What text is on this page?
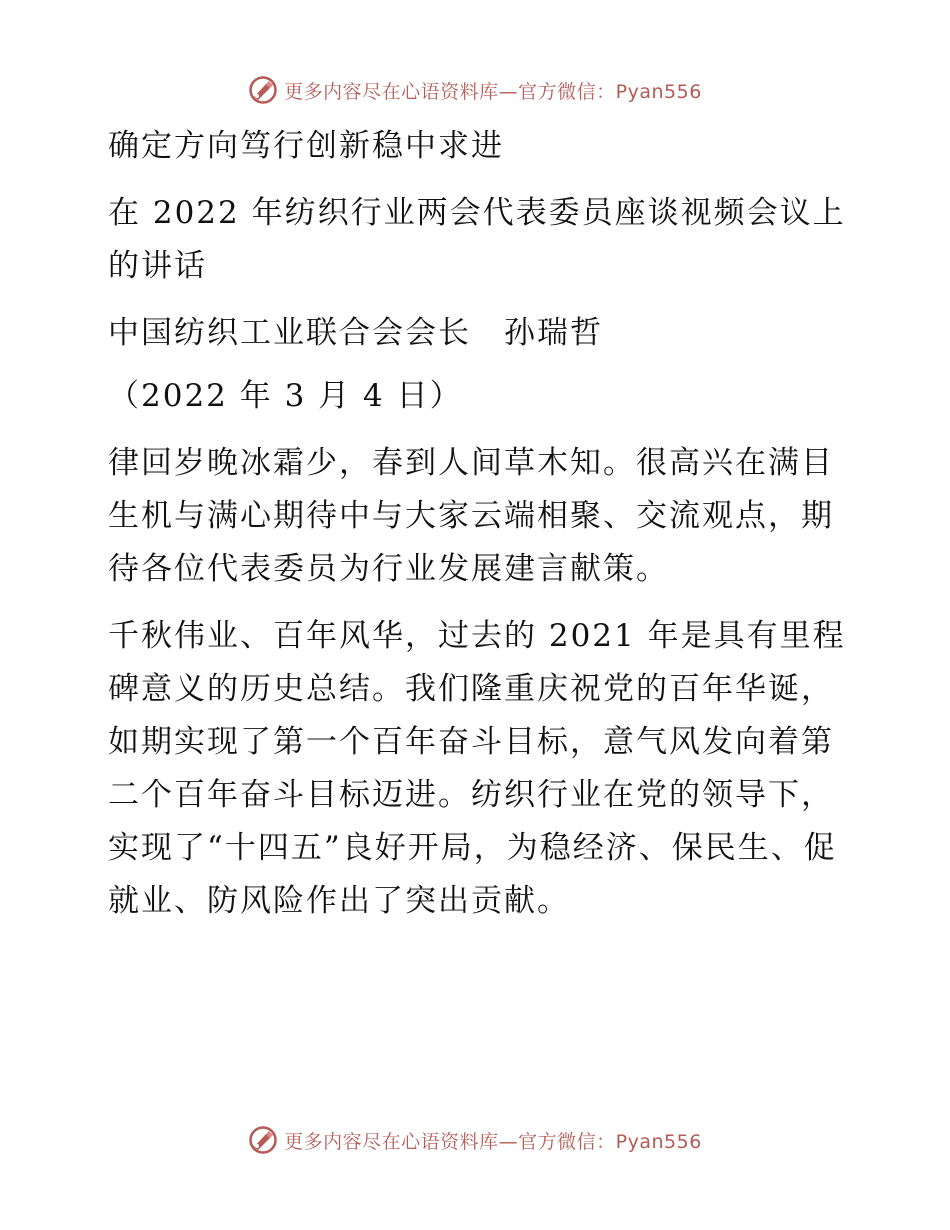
更多内容尽在心语资料库—官方微信：Pyan556

确定方向笃行创新稳中求进

在 2022 年纺织行业两会代表委员座谈视频会议上的讲话

中国纺织工业联合会会长　孙瑞哲

（2022 年 3 月 4 日）

律回岁晚冰霜少，春到人间草木知。很高兴在满目生机与满心期待中与大家云端相聚、交流观点，期待各位代表委员为行业发展建言献策。

千秋伟业、百年风华，过去的 2021 年是具有里程碑意义的历史总结。我们隆重庆祝党的百年华诞，如期实现了第一个百年奋斗目标，意气风发向着第二个百年奋斗目标迈进。纺织行业在党的领导下，实现了“十四五”良好开局，为稳经济、保民生、促就业、防风险作出了突出贡献。

更多内容尽在心语资料库—官方微信：Pyan556
